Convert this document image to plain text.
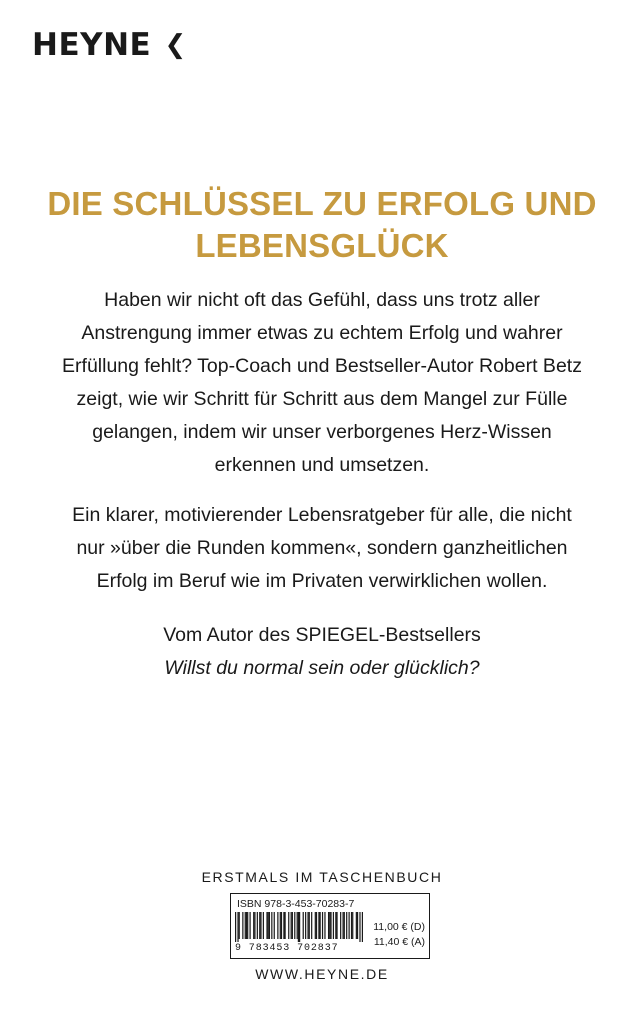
HEYNE ❮
DIE SCHLÜSSEL ZU ERFOLG UND
LEBENSGLÜCK

Haben wir nicht oft das Gefühl, dass uns trotz aller
Anstrengung immer etwas zu echtem Erfolg und wahrer
Erfüllung fehlt? Top-Coach und Bestseller-Autor Robert Betz
zeigt, wie wir Schritt für Schritt aus dem Mangel zur Fülle
gelangen, indem wir unser verborgenes Herz-Wissen
erkennen und umsetzen.

Ein klarer, motivierender Lebensratgeber für alle, die nicht
nur »über die Runden kommen«, sondern ganzheitlichen
Erfolg im Beruf wie im Privaten verwirklichen wollen.

Vom Autor des SPIEGEL-Bestsellers
Willst du normal sein oder glücklich?
ERSTMALS IM TASCHENBUCH
ISBN 978-3-453-70283-7
9 783453 702837
11,00 € (D)
11,40 € (A)
WWW.HEYNE.DE
